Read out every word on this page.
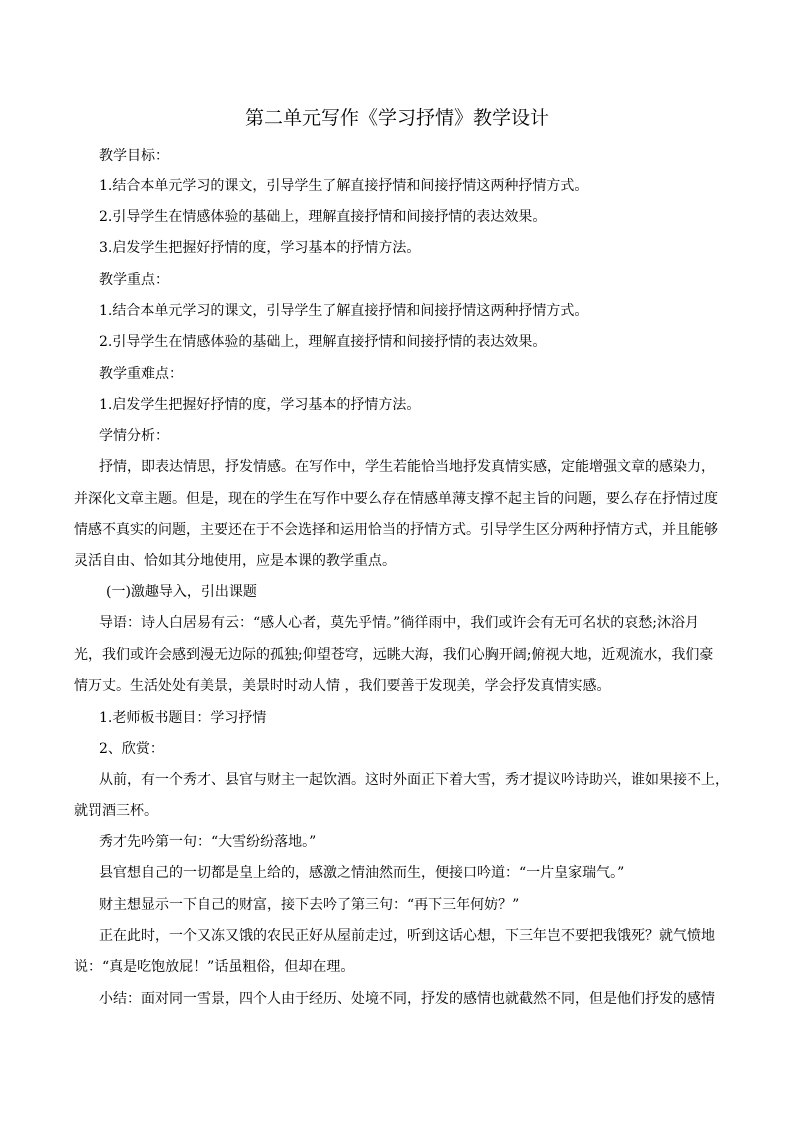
第二单元写作《学习抒情》教学设计
教学目标：
1.结合本单元学习的课文，引导学生了解直接抒情和间接抒情这两种抒情方式。
2.引导学生在情感体验的基础上，理解直接抒情和间接抒情的表达效果。
3.启发学生把握好抒情的度，学习基本的抒情方法。
教学重点：
1.结合本单元学习的课文，引导学生了解直接抒情和间接抒情这两种抒情方式。
2.引导学生在情感体验的基础上，理解直接抒情和间接抒情的表达效果。
教学重难点：
1.启发学生把握好抒情的度，学习基本的抒情方法。
学情分析：
抒情，即表达情思，抒发情感。在写作中，学生若能恰当地抒发真情实感，定能增强文章的感染力，
并深化文章主题。但是，现在的学生在写作中要么存在情感单薄支撑不起主旨的问题，要么存在抒情过度
情感不真实的问题，主要还在于不会选择和运用恰当的抒情方式。引导学生区分两种抒情方式，并且能够
灵活自由、恰如其分地使用，应是本课的教学重点。
(一)激趣导入，引出课题
导语：诗人白居易有云：“感人心者，莫先乎情。”徜徉雨中，我们或许会有无可名状的哀愁;沐浴月
光，我们或许会感到漫无边际的孤独;仰望苍穹，远眺大海，我们心胸开阔;俯视大地，近观流水，我们豪
情万丈。生活处处有美景，美景时时动人情 ，我们要善于发现美，学会抒发真情实感。
1.老师板书题目：学习抒情
2、欣赏：
从前，有一个秀才、县官与财主一起饮酒。这时外面正下着大雪，秀才提议吟诗助兴，谁如果接不上，
就罚酒三杯。
秀才先吟第一句：“大雪纷纷落地。”
县官想自己的一切都是皇上给的，感激之情油然而生，便接口吟道：“一片皇家瑞气。”
财主想显示一下自己的财富，接下去吟了第三句：“再下三年何妨？”
正在此时，一个又冻又饿的农民正好从屋前走过，听到这话心想，下三年岂不要把我饿死？就气愤地
说：“真是吃饱放屁！”话虽粗俗，但却在理。
小结：面对同一雪景，四个人由于经历、处境不同，抒发的感情也就截然不同，但是他们抒发的感情
